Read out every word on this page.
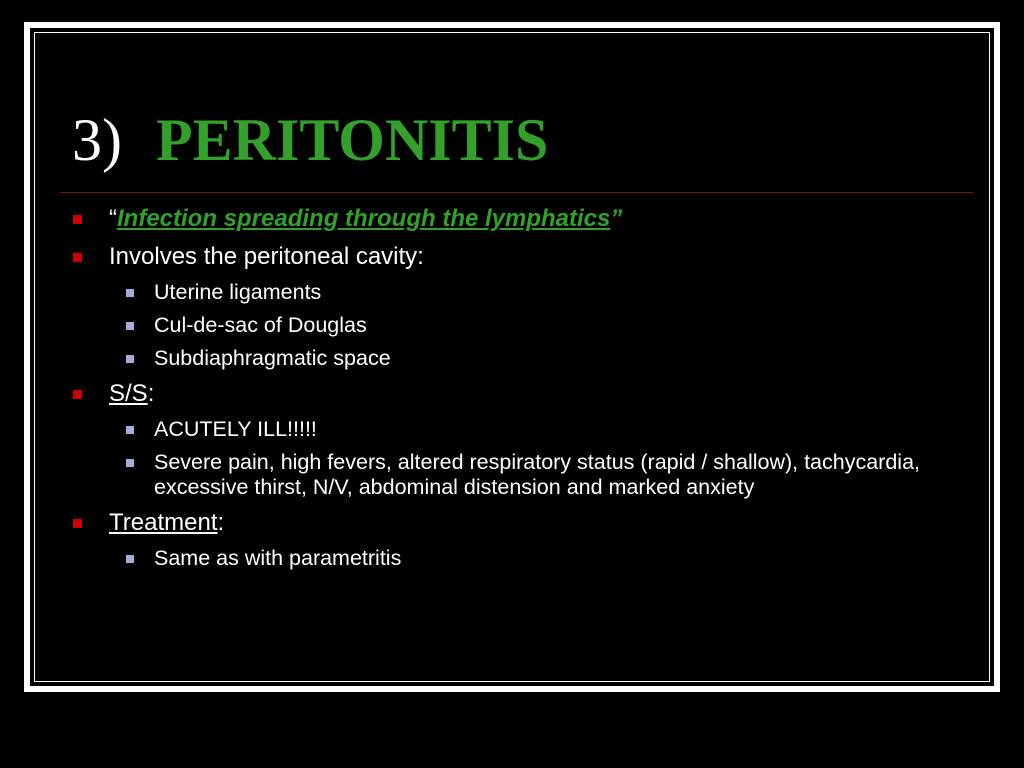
3) PERITONITIS
“Infection spreading through the lymphatics”
Involves the peritoneal cavity:
Uterine ligaments
Cul-de-sac of Douglas
Subdiaphragmatic space
S/S:
ACUTELY ILL!!!!!
Severe pain, high fevers, altered respiratory status (rapid / shallow), tachycardia, excessive thirst, N/V, abdominal distension and marked anxiety
Treatment:
Same as with parametritis
